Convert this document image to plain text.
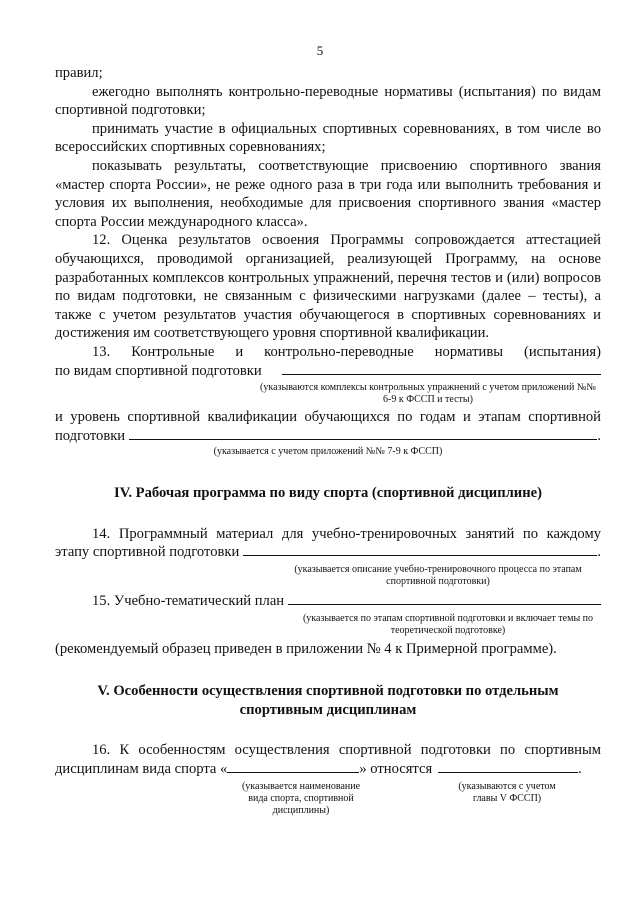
5

правил;

ежегодно выполнять контрольно-переводные нормативы (испытания) по видам спортивной подготовки;

принимать участие в официальных спортивных соревнованиях, в том числе во всероссийских спортивных соревнованиях;

показывать результаты, соответствующие присвоению спортивного звания «мастер спорта России», не реже одного раза в три года или выполнить требования и условия их выполнения, необходимые для присвоения спортивного звания «мастер спорта России международного класса».

12. Оценка результатов освоения Программы сопровождается аттестацией обучающихся, проводимой организацией, реализующей Программу, на основе разработанных комплексов контрольных упражнений, перечня тестов и (или) вопросов по видам подготовки, не связанным с физическими нагрузками (далее – тесты), а также с учетом результатов участия обучающегося в спортивных соревнованиях и достижения им соответствующего уровня спортивной квалификации.

13. Контрольные и контрольно-переводные нормативы (испытания)

по видам спортивной подготовки
(указываются комплексы контрольных упражнений с учетом приложений №№ 6-9 к ФССП и тесты)

и уровень спортивной квалификации обучающихся по годам и этапам спортивной

подготовки	.
(указывается с учетом приложений №№ 7-9 к ФССП)
IV. Рабочая программа по виду спорта (спортивной дисциплине)

14. Программный материал для учебно-тренировочных занятий по каждому

этапу спортивной подготовки	.
(указывается описание учебно-тренировочного процесса по этапам спортивной подготовки)
15. Учебно-тематический план
(указывается по этапам спортивной подготовки и включает темы по теоретической подготовке)

(рекомендуемый образец приведен в приложении № 4 к Примерной программе).

V. Особенности осуществления спортивной подготовки по отдельным спортивным дисциплинам

16. К особенностям осуществления спортивной подготовки по спортивным

дисциплинам вида спорта «	» относятся	.
(указывается наименование вида спорта, спортивной дисциплины)
(указываются с учетом главы V ФССП)
